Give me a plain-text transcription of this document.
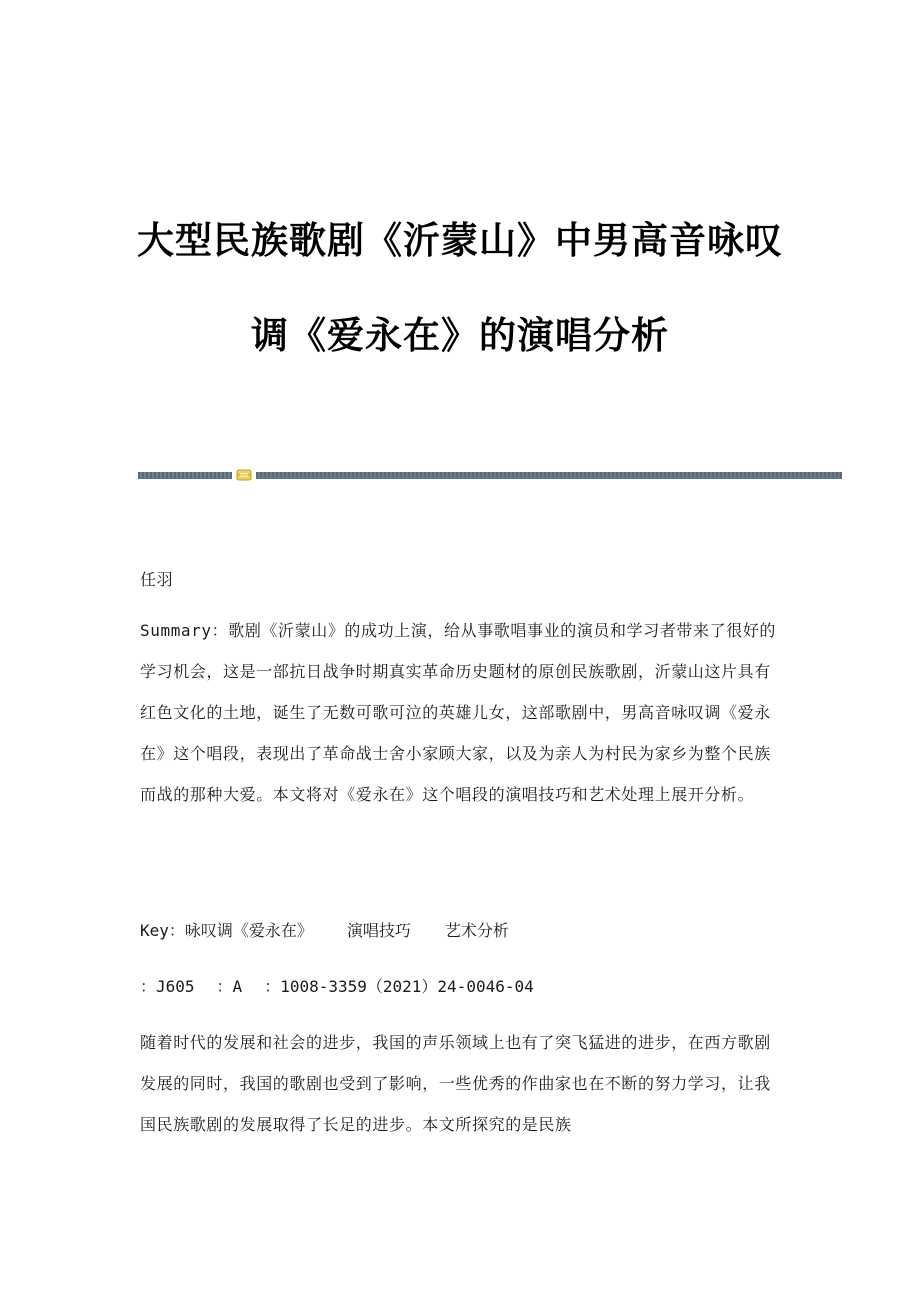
大型民族歌剧《沂蒙山》中男高音咏叹
调《爱永在》的演唱分析

任羽

Summary：歌剧《沂蒙山》的成功上演，给从事歌唱事业的演员和学习者带来了很好的学习机会，这是一部抗日战争时期真实革命历史题材的原创民族歌剧，沂蒙山这片具有红色文化的土地，诞生了无数可歌可泣的英雄儿女，这部歌剧中，男高音咏叹调《爱永在》这个唱段，表现出了革命战士舍小家顾大家，以及为亲人为村民为家乡为整个民族而战的那种大爱。本文将对《爱永在》这个唱段的演唱技巧和艺术处理上展开分析。

Key：咏叹调《爱永在》 演唱技巧 艺术分析
：J605 ：A ：1008-3359（2021）24-0046-04

随着时代的发展和社会的进步，我国的声乐领域上也有了突飞猛进的进步，在西方歌剧发展的同时，我国的歌剧也受到了影响，一些优秀的作曲家也在不断的努力学习，让我国民族歌剧的发展取得了长足的进步。本文所探究的是民族
